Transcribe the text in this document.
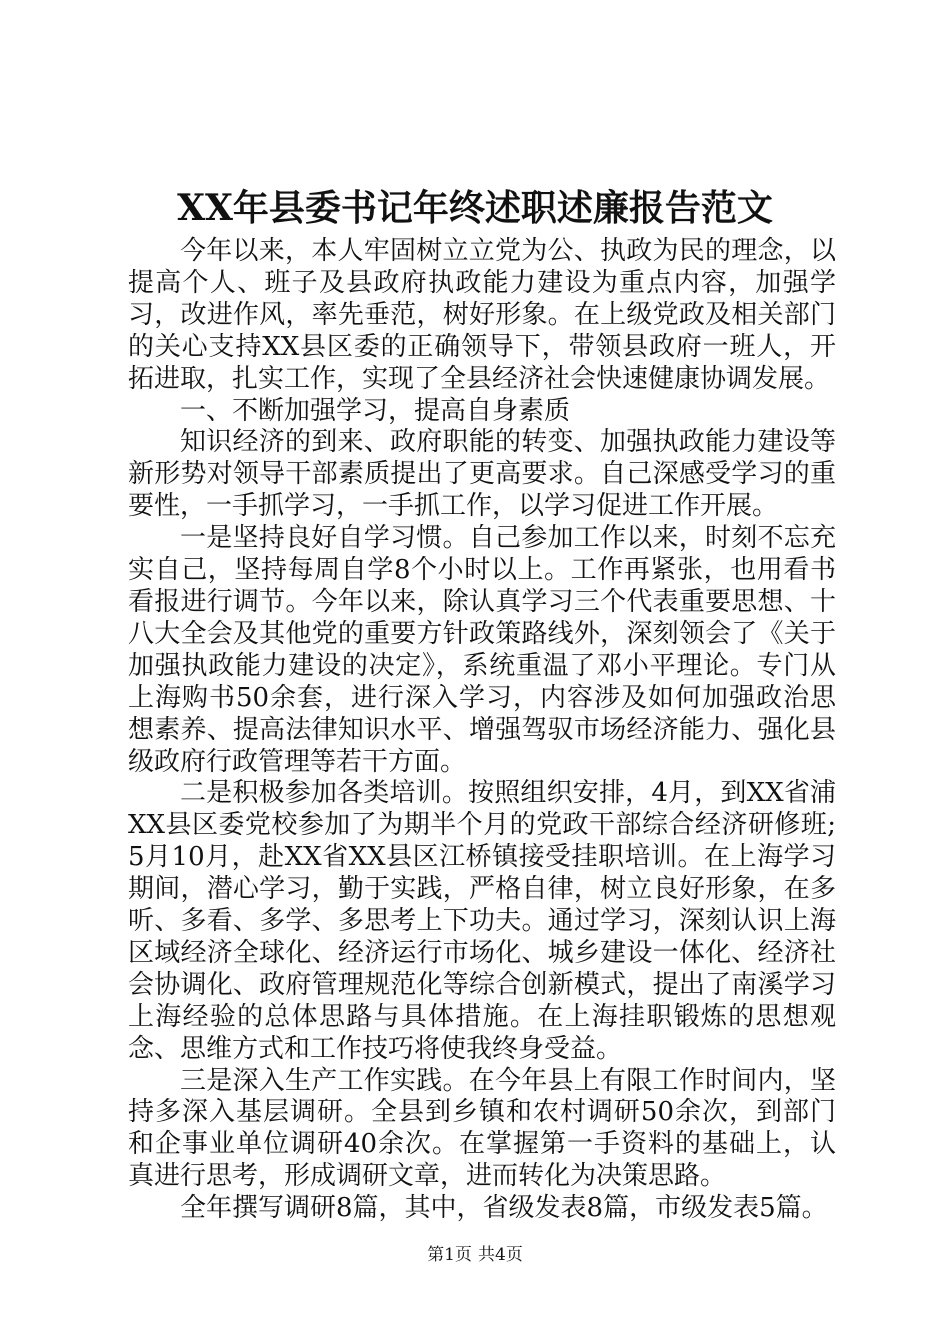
XX年县委书记年终述职述廉报告范文

今年以来，本人牢固树立立党为公、执政为民的理念，以提高个人、班子及县政府执政能力建设为重点内容，加强学习，改进作风，率先垂范，树好形象。在上级党政及相关部门的关心支持XX县区委的正确领导下，带领县政府一班人，开拓进取，扎实工作，实现了全县经济社会快速健康协调发展。

一、不断加强学习，提高自身素质

知识经济的到来、政府职能的转变、加强执政能力建设等新形势对领导干部素质提出了更高要求。自己深感受学习的重要性，一手抓学习，一手抓工作，以学习促进工作开展。

一是坚持良好自学习惯。自己参加工作以来，时刻不忘充实自己，坚持每周自学8个小时以上。工作再紧张，也用看书看报进行调节。今年以来，除认真学习三个代表重要思想、十八大全会及其他党的重要方针政策路线外，深刻领会了《关于加强执政能力建设的决定》，系统重温了邓小平理论。专门从上海购书50余套，进行深入学习，内容涉及如何加强政治思想素养、提高法律知识水平、增强驾驭市场经济能力、强化县级政府行政管理等若干方面。

二是积极参加各类培训。按照组织安排，4月，到XX省浦XX县区委党校参加了为期半个月的党政干部综合经济研修班;5月10月，赴XX省XX县区江桥镇接受挂职培训。在上海学习期间，潜心学习，勤于实践，严格自律，树立良好形象，在多听、多看、多学、多思考上下功夫。通过学习，深刻认识上海区域经济全球化、经济运行市场化、城乡建设一体化、经济社会协调化、政府管理规范化等综合创新模式，提出了南溪学习上海经验的总体思路与具体措施。在上海挂职锻炼的思想观念、思维方式和工作技巧将使我终身受益。

三是深入生产工作实践。在今年县上有限工作时间内，坚持多深入基层调研。全县到乡镇和农村调研50余次，到部门和企事业单位调研40余次。在掌握第一手资料的基础上，认真进行思考，形成调研文章，进而转化为决策思路。

全年撰写调研8篇，其中，省级发表8篇，市级发表5篇。

第1页 共4页
